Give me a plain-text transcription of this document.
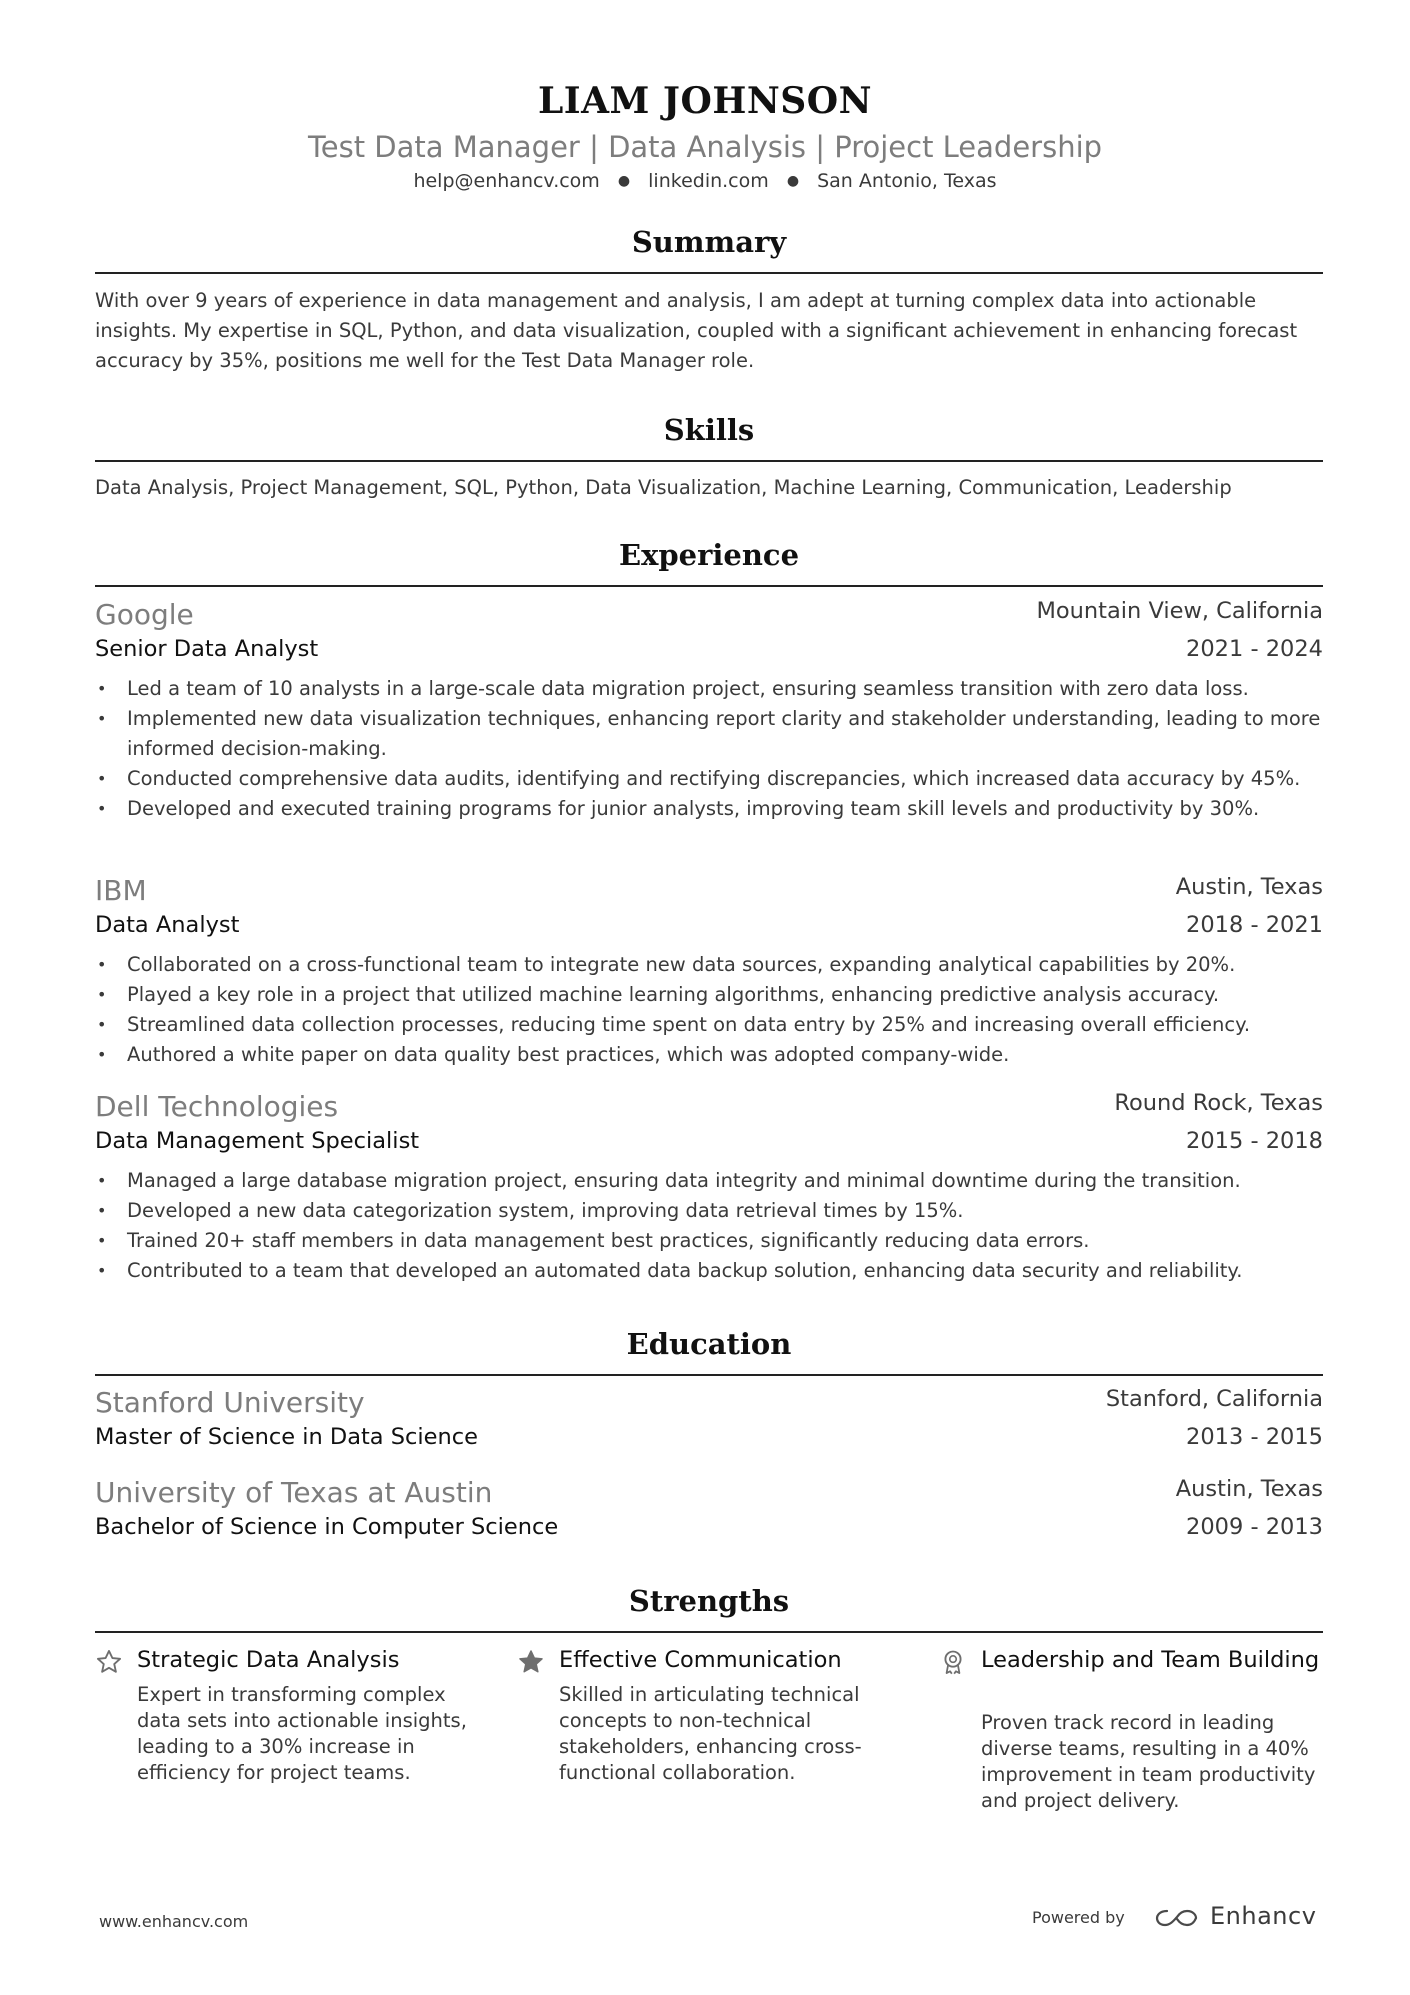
LIAM JOHNSON
Test Data Manager | Data Analysis | Project Leadership
help@enhancv.com ● linkedin.com ● San Antonio, Texas
Summary
With over 9 years of experience in data management and analysis, I am adept at turning complex data into actionable insights. My expertise in SQL, Python, and data visualization, coupled with a significant achievement in enhancing forecast accuracy by 35%, positions me well for the Test Data Manager role.
Skills
Data Analysis, Project Management, SQL, Python, Data Visualization, Machine Learning, Communication, Leadership
Experience
Google	Mountain View, California
Senior Data Analyst	2021 - 2024
• Led a team of 10 analysts in a large-scale data migration project, ensuring seamless transition with zero data loss.
• Implemented new data visualization techniques, enhancing report clarity and stakeholder understanding, leading to more informed decision-making.
• Conducted comprehensive data audits, identifying and rectifying discrepancies, which increased data accuracy by 45%.
• Developed and executed training programs for junior analysts, improving team skill levels and productivity by 30%.
IBM	Austin, Texas
Data Analyst	2018 - 2021
• Collaborated on a cross-functional team to integrate new data sources, expanding analytical capabilities by 20%.
• Played a key role in a project that utilized machine learning algorithms, enhancing predictive analysis accuracy.
• Streamlined data collection processes, reducing time spent on data entry by 25% and increasing overall efficiency.
• Authored a white paper on data quality best practices, which was adopted company-wide.
Dell Technologies	Round Rock, Texas
Data Management Specialist	2015 - 2018
• Managed a large database migration project, ensuring data integrity and minimal downtime during the transition.
• Developed a new data categorization system, improving data retrieval times by 15%.
• Trained 20+ staff members in data management best practices, significantly reducing data errors.
• Contributed to a team that developed an automated data backup solution, enhancing data security and reliability.
Education
Stanford University	Stanford, California
Master of Science in Data Science	2013 - 2015
University of Texas at Austin	Austin, Texas
Bachelor of Science in Computer Science	2009 - 2013
Strengths
Strategic Data Analysis
Expert in transforming complex data sets into actionable insights, leading to a 30% increase in efficiency for project teams.
Effective Communication
Skilled in articulating technical concepts to non-technical stakeholders, enhancing cross-functional collaboration.
Leadership and Team Building
Proven track record in leading diverse teams, resulting in a 40% improvement in team productivity and project delivery.
www.enhancv.com	Powered by	Enhancv
